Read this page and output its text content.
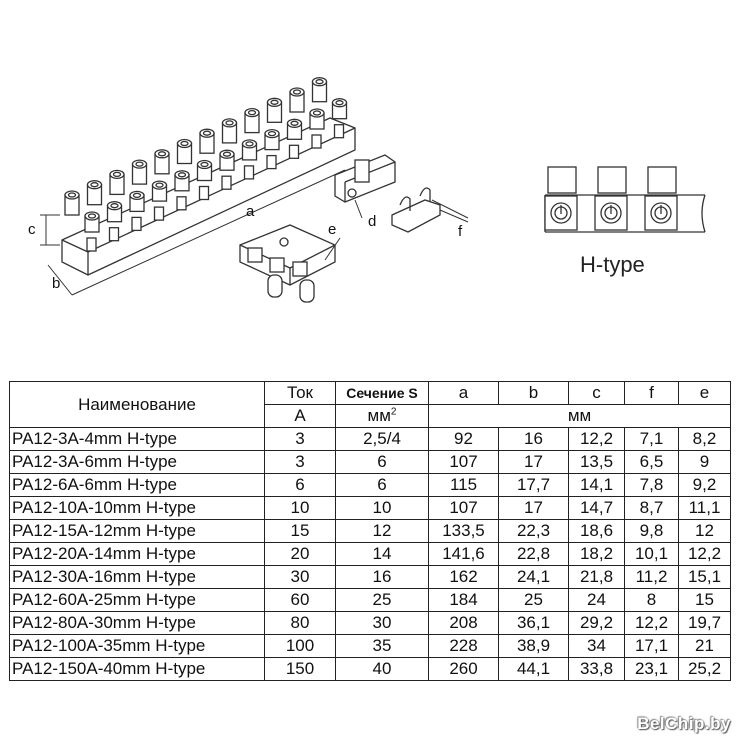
c
b
a
d
e	f
H-type
Наименование	Ток	Сечение S	a	b	c	f	e
	A	$мм^2$	мм				
PA12-3A-4mm H-type	3	2,5/4	92	16	12,2	7,1	8,2
PA12-3A-6mm H-type	3	6	107	17	13,5	6,5	9
PA12-6A-6mm H-type	6	6	115	17,7	14,1	7,8	9,2
PA12-10A-10mm H-type	10	10	107	17	14,7	8,7	11,1
PA12-15A-12mm H-type	15	12	133,5	22,3	18,6	9,8	12
PA12-20A-14mm H-type	20	14	141,6	22,8	18,2	10,1	12,2
PA12-30A-16mm H-type	30	16	162	24,1	21,8	11,2	15,1
PA12-60A-25mm H-type	60	25	184	25	24	8	15
PA12-80A-30mm H-type	80	30	208	36,1	29,2	12,2	19,7
PA12-100A-35mm H-type	100	35	228	38,9	34	17,1	21
PA12-150A-40mm H-type	150	40	260	44,1	33,8	23,1	25,2
BelChip.by
